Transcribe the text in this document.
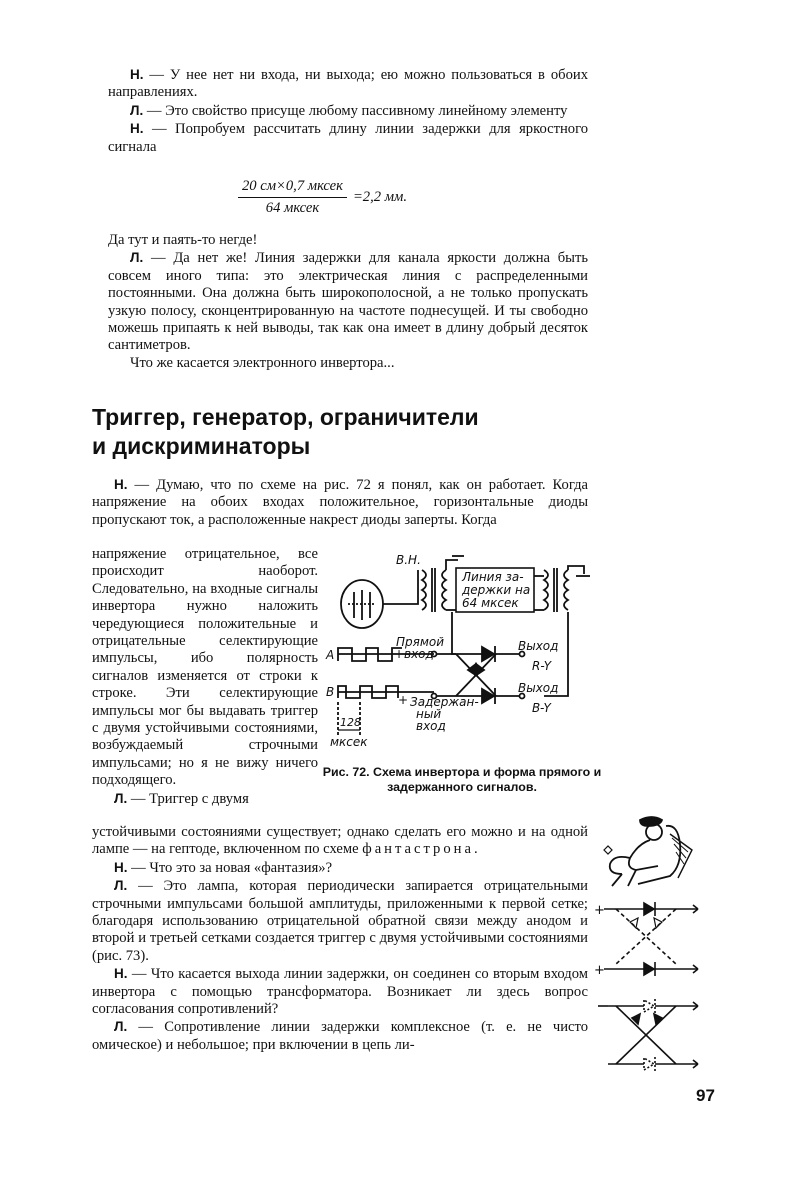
Н. — У нее нет ни входа, ни выхода; ею можно пользоваться в обоих направлениях.

Л. — Это свойство присуще любому пассивному линейному элементу

Н. — Попробуем рассчитать длину линии задержки для яркостного сигнала

$\frac{\text{20 см×0,7 мксек}}{\text{64 мксек}} =2,2$ мм.

Да тут и паять-то негде!

Л. — Да нет же! Линия задержки для канала яркости должна быть совсем иного типа: это электрическая линия с распределенными постоянными. Она должна быть широкополосной, а не только пропускать узкую полосу, сконцентрированную на частоте поднесущей. И ты свободно можешь припаять к ней выводы, так как она имеет в длину добрый десяток сантиметров.

Что же касается электронного инвертора...

Триггер, генератор, ограничители
и дискриминаторы

Н. — Думаю, что по схеме на рис. 72 я понял, как он работает. Когда напряжение на обоих входах положительное, горизонтальные диоды пропускают ток, а расположенные накрест диоды заперты. Когда

напряжение отрицательное, все происходит наоборот. Следовательно, на входные сигналы инвертора нужно наложить чередующиеся положительные и отрицательные селектирующие импульсы, ибо полярность сигналов изменяется от строки к строке. Эти селектирующие импульсы мог бы выдавать триггер с двумя устойчивыми состояниями, возбуждаемый строчными импульсами; но я не вижу ничего подходящего.

Л. — Триггер с двумя

устойчивыми состояниями существует; однако сделать его можно и на одной лампе — на гептоде, включенном по схеме фантастрона.

Н. — Что это за новая «фантазия»?

Л. — Это лампа, которая периодически запирается отрицательными строчными импульсами большой амплитуды, приложенными к первой сетке; благодаря использованию отрицательной обратной связи между анодом и второй и третьей сетками создается триггер с двумя устойчивыми состояниями (рис. 73).

Н. — Что касается выхода линии задержки, он соединен со вторым входом инвертора с помощью трансформатора. Возникает ли здесь вопрос согласования сопротивлений?

Л. — Сопротивление линии задержки комплексное (т. е. не чисто омическое) и небольшое; при включении в цепь ли-

В.Н.
Линия за-
держки на
64 мксек
A
Прямой
+ вход
B
+ Задержан-
ный
вход
128
мксек
Выход
R-Y
Выход
B-Y
Рис. 72. Схема инвертора и форма прямого и задержанного сигналов.
+
+
97
